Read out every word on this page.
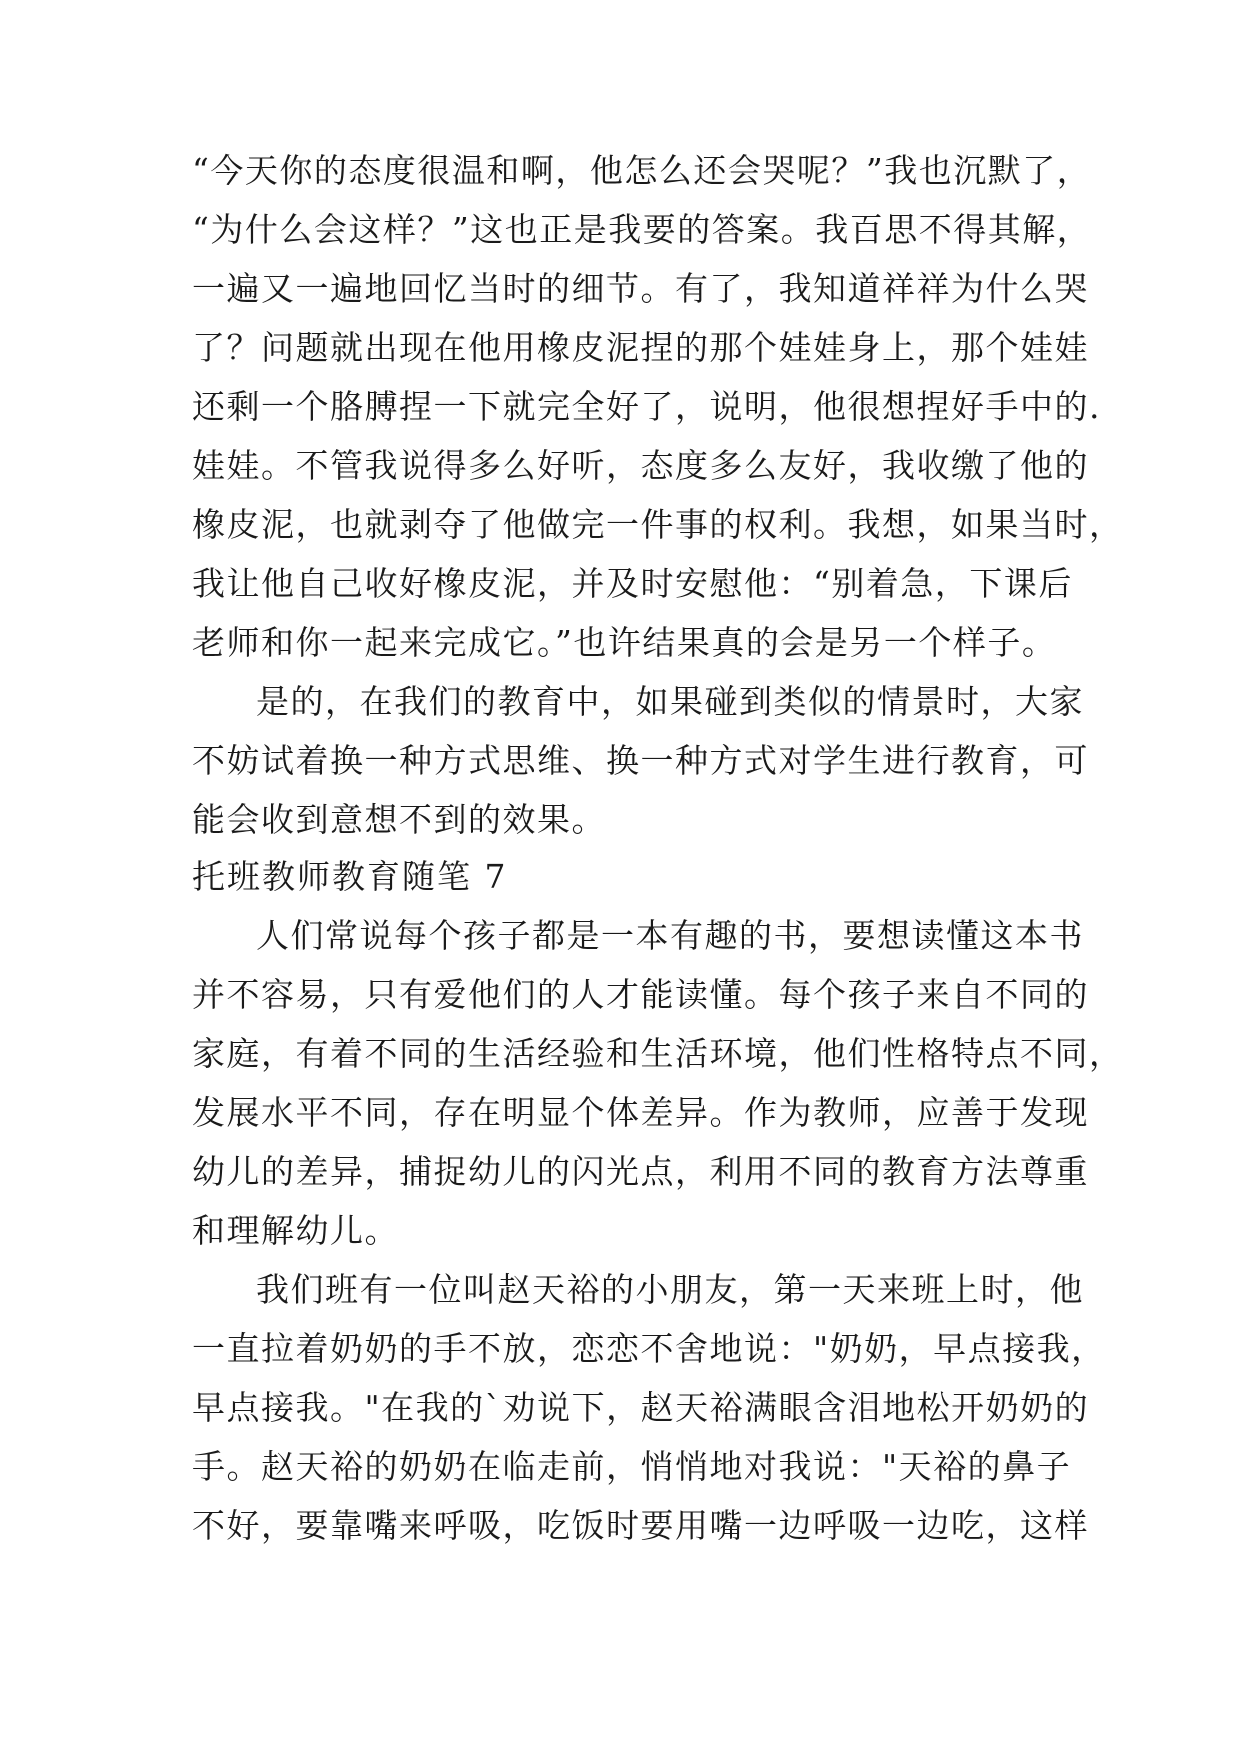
“今天你的态度很温和啊，他怎么还会哭呢？”我也沉默了，
“为什么会这样？”这也正是我要的答案。我百思不得其解，
一遍又一遍地回忆当时的细节。有了，我知道祥祥为什么哭
了？问题就出现在他用橡皮泥捏的那个娃娃身上，那个娃娃
还剩一个胳膊捏一下就完全好了，说明，他很想捏好手中的.
娃娃。不管我说得多么好听，态度多么友好，我收缴了他的
橡皮泥，也就剥夺了他做完一件事的权利。我想，如果当时，
我让他自己收好橡皮泥，并及时安慰他：“别着急，下课后
老师和你一起来完成它。”也许结果真的会是另一个样子。
是的，在我们的教育中，如果碰到类似的情景时，大家
不妨试着换一种方式思维、换一种方式对学生进行教育，可
能会收到意想不到的效果。
托班教师教育随笔 7
人们常说每个孩子都是一本有趣的书，要想读懂这本书
并不容易，只有爱他们的人才能读懂。每个孩子来自不同的
家庭，有着不同的生活经验和生活环境，他们性格特点不同，
发展水平不同，存在明显个体差异。作为教师，应善于发现
幼儿的差异，捕捉幼儿的闪光点，利用不同的教育方法尊重
和理解幼儿。
我们班有一位叫赵天裕的小朋友，第一天来班上时，他
一直拉着奶奶的手不放，恋恋不舍地说："奶奶，早点接我，
早点接我。"在我的`劝说下，赵天裕满眼含泪地松开奶奶的
手。赵天裕的奶奶在临走前，悄悄地对我说："天裕的鼻子
不好，要靠嘴来呼吸，吃饭时要用嘴一边呼吸一边吃，这样
